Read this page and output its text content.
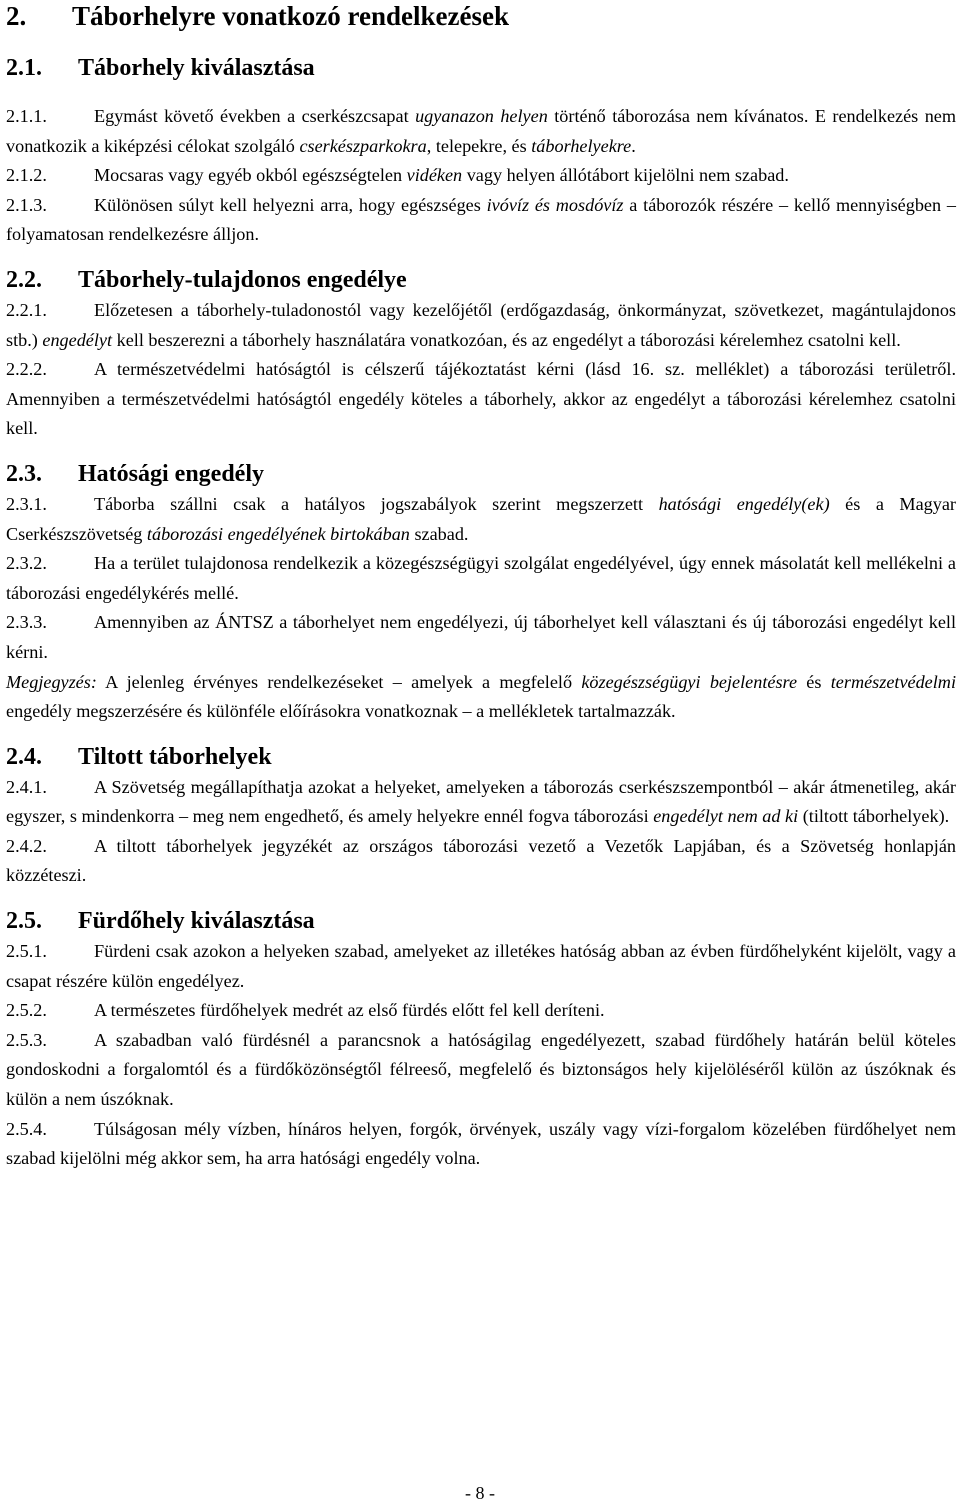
2. Táborhelyre vonatkozó rendelkezések
2.1. Táborhely kiválasztása

2.1.1.	Egymást követő években a cserkészcsapat ugyanazon helyen történő táborozása nem kívánatos. E rendelkezés nem vonatkozik a kiképzési célokat szolgáló cserkészparkokra, telepekre, és táborhelyekre.

2.1.2.	Mocsaras vagy egyéb okból egészségtelen vidéken vagy helyen állótábort kijelölni nem szabad.

2.1.3.	Különösen súlyt kell helyezni arra, hogy egészséges ivóvíz és mosdóvíz a táborozók részére – kellő mennyiségben – folyamatosan rendelkezésre álljon.

2.2. Táborhely-tulajdonos engedélye

2.2.1.	Előzetesen a táborhely-tuladonostól vagy kezelőjétől (erdőgazdaság, önkormányzat, szövetkezet, magántulajdonos stb.) engedélyt kell beszerezni a táborhely használatára vonatkozóan, és az engedélyt a táborozási kérelemhez csatolni kell.

2.2.2.	A természetvédelmi hatóságtól is célszerű tájékoztatást kérni (lásd 16. sz. melléklet) a táborozási területről. Amennyiben a természetvédelmi hatóságtól engedély köteles a táborhely, akkor az engedélyt a táborozási kérelemhez csatolni kell.

2.3. Hatósági engedély

2.3.1.	Táborba szállni csak a hatályos jogszabályok szerint megszerzett hatósági engedély(ek) és a Magyar Cserkészszövetség táborozási engedélyének birtokában szabad.

2.3.2.	Ha a terület tulajdonosa rendelkezik a közegészségügyi szolgálat engedélyével, úgy ennek másolatát kell mellékelni a táborozási engedélykérés mellé.

2.3.3.	Amennyiben az ÁNTSZ a táborhelyet nem engedélyezi, új táborhelyet kell választani és új táborozási engedélyt kell kérni.

Megjegyzés: A jelenleg érvényes rendelkezéseket – amelyek a megfelelő közegészségügyi bejelentésre és természetvédelmi engedély megszerzésére és különféle előírásokra vonatkoznak – a mellékletek tartalmazzák.

2.4. Tiltott táborhelyek

2.4.1.	A Szövetség megállapíthatja azokat a helyeket, amelyeken a táborozás cserkészszempontból – akár átmenetileg, akár egyszer, s mindenkorra – meg nem engedhető, és amely helyekre ennél fogva táborozási engedélyt nem ad ki (tiltott táborhelyek).

2.4.2.	A tiltott táborhelyek jegyzékét az országos táborozási vezető a Vezetők Lapjában, és a Szövetség honlapján közzéteszi.

2.5. Fürdőhely kiválasztása

2.5.1.	Fürdeni csak azokon a helyeken szabad, amelyeket az illetékes hatóság abban az évben fürdőhelyként kijelölt, vagy a csapat részére külön engedélyez.

2.5.2.	A természetes fürdőhelyek medrét az első fürdés előtt fel kell deríteni.

2.5.3.	A szabadban való fürdésnél a parancsnok a hatóságilag engedélyezett, szabad fürdőhely határán belül köteles gondoskodni a forgalomtól és a fürdőközönségtől félreeső, megfelelő és biztonságos hely kijelöléséről külön az úszóknak és külön a nem úszóknak.

2.5.4.	Túlságosan mély vízben, hínáros helyen, forgók, örvények, uszály vagy vízi-forgalom közelében fürdőhelyet nem szabad kijelölni még akkor sem, ha arra hatósági engedély volna.

- 8 -
